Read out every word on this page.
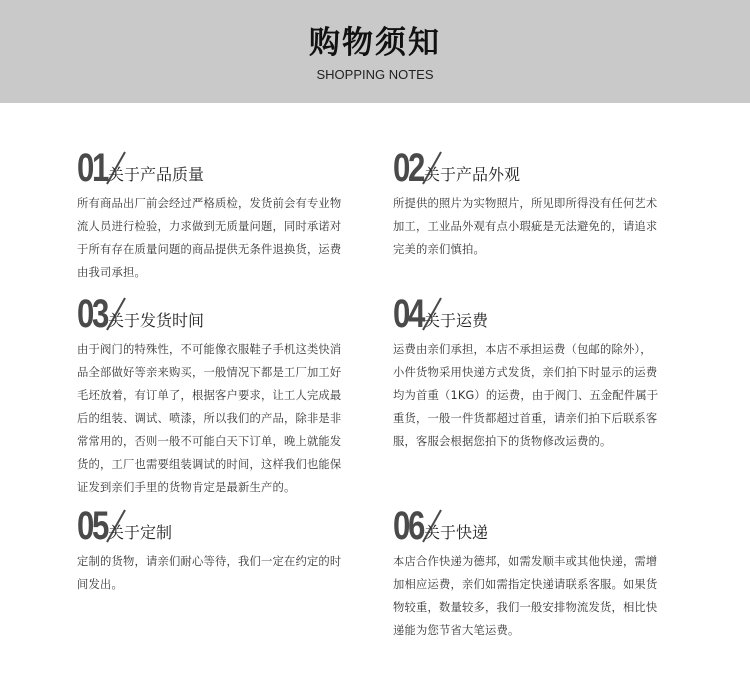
购物须知
SHOPPING NOTES
01 关于产品质量

所有商品出厂前会经过严格质检，发货前会有专业物
流人员进行检验，力求做到无质量问题，同时承诺对
于所有存在质量问题的商品提供无条件退换货，运费
由我司承担。

02 关于产品外观

所提供的照片为实物照片，所见即所得没有任何艺术
加工，工业品外观有点小瑕疵是无法避免的，请追求
完美的亲们慎拍。

03 关于发货时间

由于阀门的特殊性，不可能像衣服鞋子手机这类快消
品全部做好等亲来购买，一般情况下都是工厂加工好
毛坯放着，有订单了，根据客户要求，让工人完成最
后的组装、调试、喷漆，所以我们的产品，除非是非
常常用的，否则一般不可能白天下订单，晚上就能发
货的，工厂也需要组装调试的时间，这样我们也能保
证发到亲们手里的货物肯定是最新生产的。

04 关于运费

运费由亲们承担，本店不承担运费（包邮的除外），
小件货物采用快递方式发货，亲们拍下时显示的运费
均为首重（1KG）的运费，由于阀门、五金配件属于
重货，一般一件货都超过首重，请亲们拍下后联系客
服，客服会根据您拍下的货物修改运费的。

05 关于定制

定制的货物，请亲们耐心等待，我们一定在约定的时
间发出。

06 关于快递

本店合作快递为德邦，如需发顺丰或其他快递，需增
加相应运费，亲们如需指定快递请联系客服。如果货
物较重，数量较多，我们一般安排物流发货，相比快
递能为您节省大笔运费。
